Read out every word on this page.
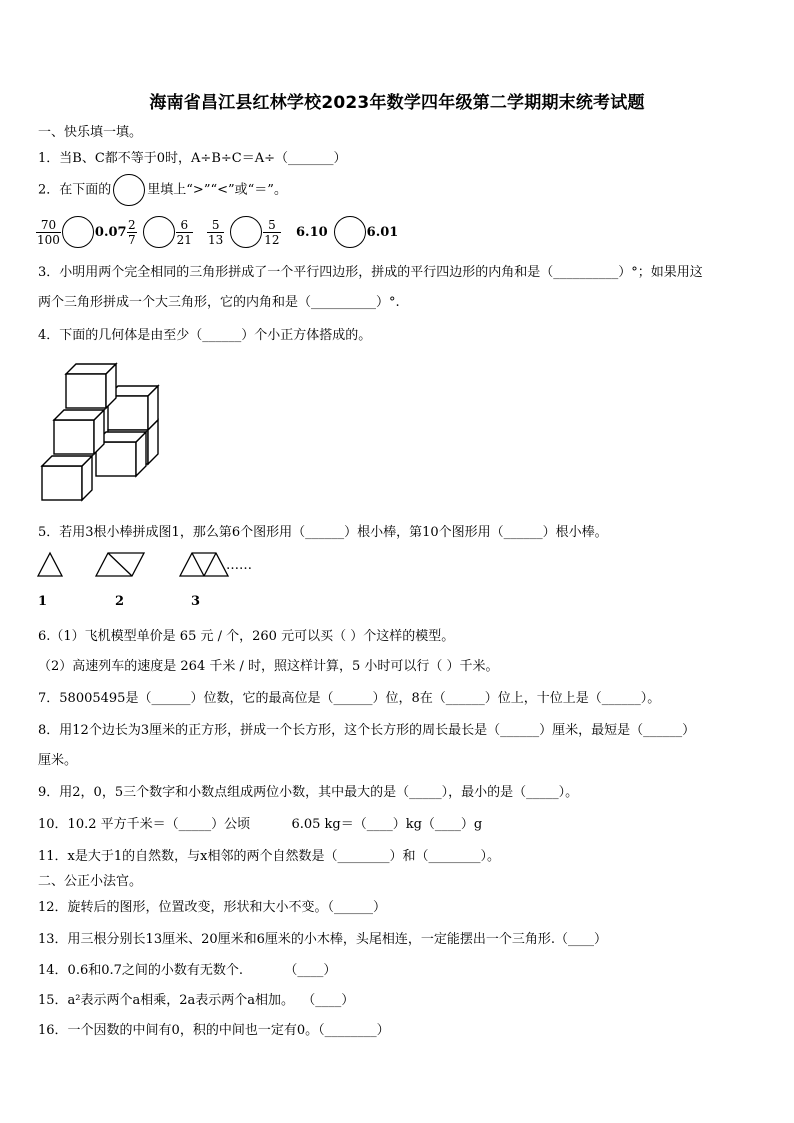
海南省昌江县红林学校2023年数学四年级第二学期期末统考试题
一、快乐填一填。
1．当B、C都不等于0时，A÷B÷C＝A÷（_______）
2．在下面的	里填上“>”“<”或“＝”。
$\frac{70}{100}$	$0.07 \frac{2}{7}$	$\frac{6}{21} \frac{5}{13}$	$\frac{5}{12} 6.10$	6.01
3．小明用两个完全相同的三角形拼成了一个平行四边形，拼成的平行四边形的内角和是（__________）°；如果用这
两个三角形拼成一个大三角形，它的内角和是（__________）°.
4．下面的几何体是由至少（______）个小正方体搭成的。
5．若用3根小棒拼成图1，那么第6个图形用（______）根小棒，第10个图形用（______）根小棒。
……
1	2	3
6.（1）飞机模型单价是 65 元 / 个，260 元可以买（ ）个这样的模型。
（2）高速列车的速度是 264 千米 / 时，照这样计算，5 小时可以行（ ）千米。
7．58005495是（______）位数，它的最高位是（______）位，8在（______）位上，十位上是（______）。
8．用12个边长为3厘米的正方形，拼成一个长方形，这个长方形的周长最长是（______）厘米，最短是（______）
厘米。
9．用2，0，5三个数字和小数点组成两位小数，其中最大的是（_____），最小的是（_____）。
10．10.2 平方千米＝（_____）公顷          6.05 kg＝（____）kg（____）g
11．x是大于1的自然数，与x相邻的两个自然数是（________）和（________）。
二、公正小法官。
12．旋转后的图形，位置改变，形状和大小不变。（______）
13．用三根分别长13厘米、20厘米和6厘米的小木棒，头尾相连，一定能摆出一个三角形.（____）
14．0.6和0.7之间的小数有无数个.          （____）
15．a²表示两个a相乘，2a表示两个a相加。  （____）
16．一个因数的中间有0，积的中间也一定有0。（________）
